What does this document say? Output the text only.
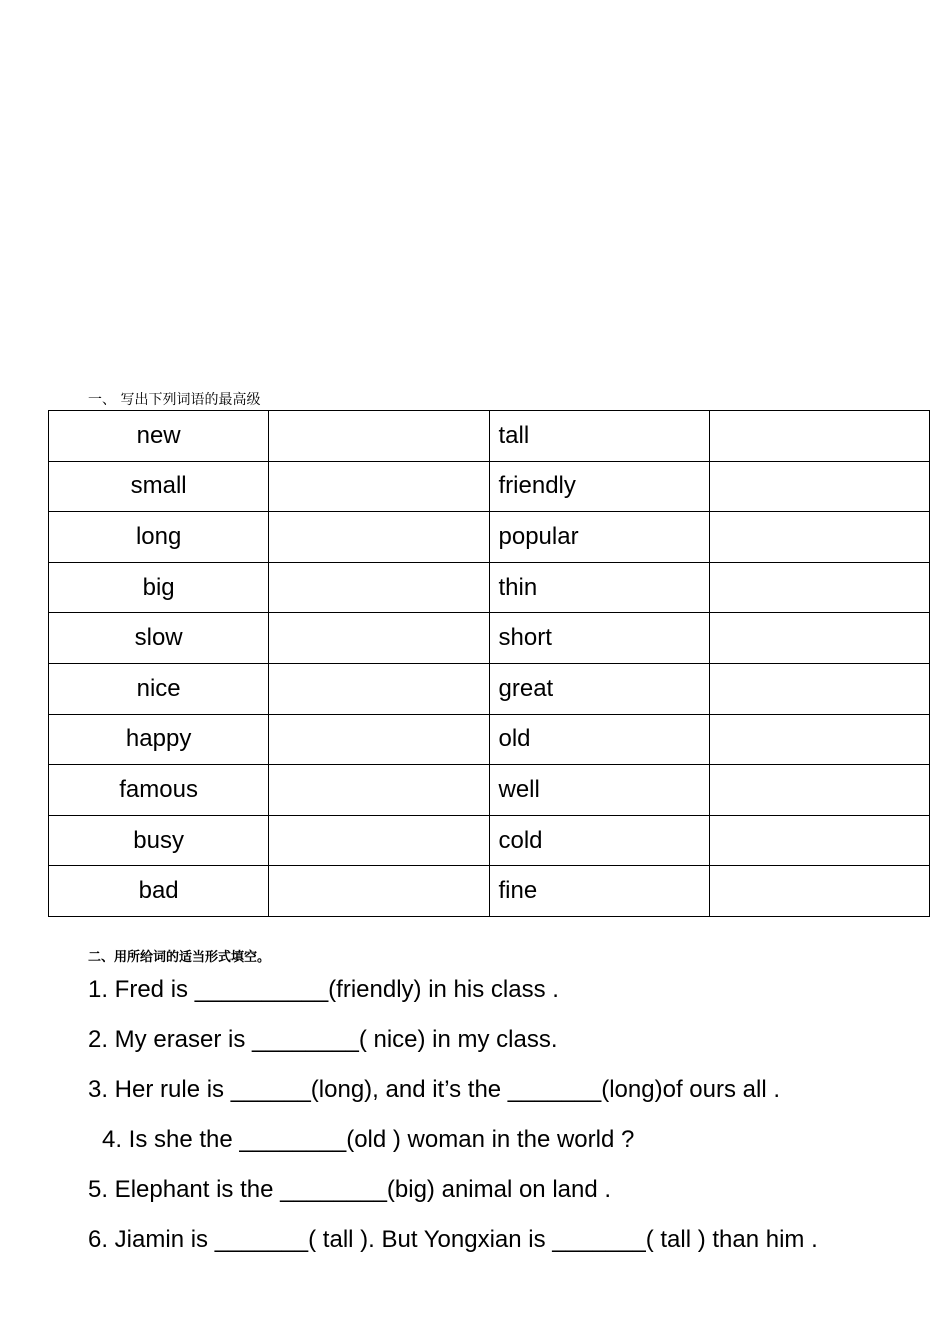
一、 写出下列词语的最高级
new		tall	
small		friendly	
long		popular	
big		thin	
slow		short	
nice		great	
happy		old	
famous		well	
busy		cold	
bad		fine	
二、用所给词的适当形式填空。
1. Fred is __________(friendly) in his class .
2. My eraser is ________( nice) in my class.
3. Her rule is ______(long), and it’s the _______(long)of ours all .
4. Is she the ________(old ) woman in the world ?
5. Elephant is the ________(big) animal on land .
6. Jiamin is _______( tall ). But Yongxian is _______( tall ) than him .
